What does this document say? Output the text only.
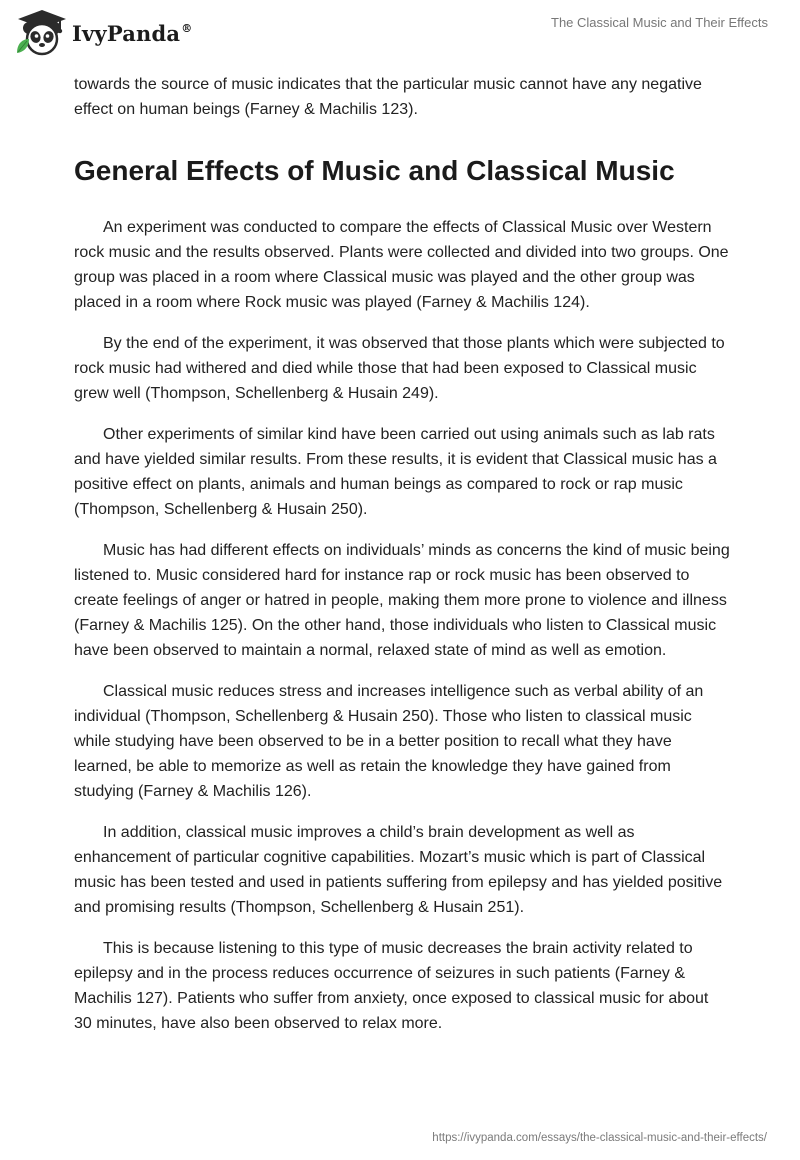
IvyPanda®	The Classical Music and Their Effects

towards the source of music indicates that the particular music cannot have any negative effect on human beings (Farney & Machilis 123).

General Effects of Music and Classical Music

An experiment was conducted to compare the effects of Classical Music over Western rock music and the results observed. Plants were collected and divided into two groups. One group was placed in a room where Classical music was played and the other group was placed in a room where Rock music was played (Farney & Machilis 124).

By the end of the experiment, it was observed that those plants which were subjected to rock music had withered and died while those that had been exposed to Classical music grew well (Thompson, Schellenberg & Husain 249).

Other experiments of similar kind have been carried out using animals such as lab rats and have yielded similar results. From these results, it is evident that Classical music has a positive effect on plants, animals and human beings as compared to rock or rap music (Thompson, Schellenberg & Husain 250).

Music has had different effects on individuals’ minds as concerns the kind of music being listened to. Music considered hard for instance rap or rock music has been observed to create feelings of anger or hatred in people, making them more prone to violence and illness (Farney & Machilis 125). On the other hand, those individuals who listen to Classical music have been observed to maintain a normal, relaxed state of mind as well as emotion.

Classical music reduces stress and increases intelligence such as verbal ability of an individual (Thompson, Schellenberg & Husain 250). Those who listen to classical music while studying have been observed to be in a better position to recall what they have learned, be able to memorize as well as retain the knowledge they have gained from studying (Farney & Machilis 126).

In addition, classical music improves a child’s brain development as well as enhancement of particular cognitive capabilities. Mozart’s music which is part of Classical music has been tested and used in patients suffering from epilepsy and has yielded positive and promising results (Thompson, Schellenberg & Husain 251).

This is because listening to this type of music decreases the brain activity related to epilepsy and in the process reduces occurrence of seizures in such patients (Farney & Machilis 127). Patients who suffer from anxiety, once exposed to classical music for about 30 minutes, have also been observed to relax more.

https://ivypanda.com/essays/the-classical-music-and-their-effects/
